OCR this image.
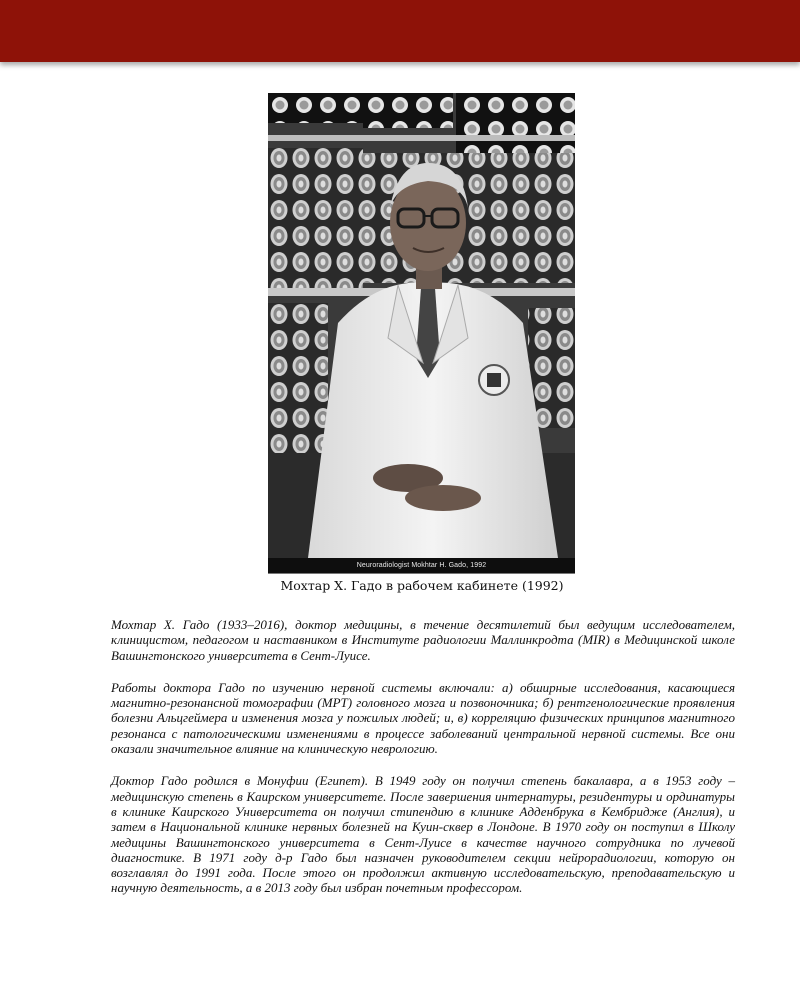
Neuroradiologist Mokhtar H. Gado, 1992
Мохтар Х. Гадо в рабочем кабинете (1992)

Мохтар Х. Гадо (1933–2016), доктор медицины, в течение десятилетий был ведущим исследователем, клиницистом, педагогом и наставником в Институте радиологии Маллинкродта (MIR) в Медицинской школе Вашингтонского университета в Сент-Луисе.

Работы доктора Гадо по изучению нервной системы включали: а) обширные исследования, касающиеся магнитно-резонансной томографии (МРТ) головного мозга и позвоночника; б) рентгенологические проявления болезни Альцгеймера и изменения мозга у пожилых людей; и, в) корреляцию физических принципов магнитного резонанса с патологическими изменениями в процессе заболеваний центральной нервной системы. Все они оказали значительное влияние на клиническую неврологию.

Доктор Гадо родился в Монуфии (Египет). В 1949 году он получил степень бакалавра, а в 1953 году – медицинскую степень в Каирском университете. После завершения интернатуры, резидентуры и ординатуры в клинике Каирского Университета он получил стипендию в клинике Адденбрука в Кембридже (Англия), и затем в Национальной клинике нервных болезней на Куин-сквер в Лондоне. В 1970 году он поступил в Школу медицины Вашингтонского университета в Сент-Луисе в качестве научного сотрудника по лучевой диагностике. В 1971 году д-р Гадо был назначен руководителем секции нейрорадиологии, которую он возглавлял до 1991 года. После этого он продолжил активную исследовательскую, преподавательскую и научную деятельность, а в 2013 году был избран почетным профессором.
